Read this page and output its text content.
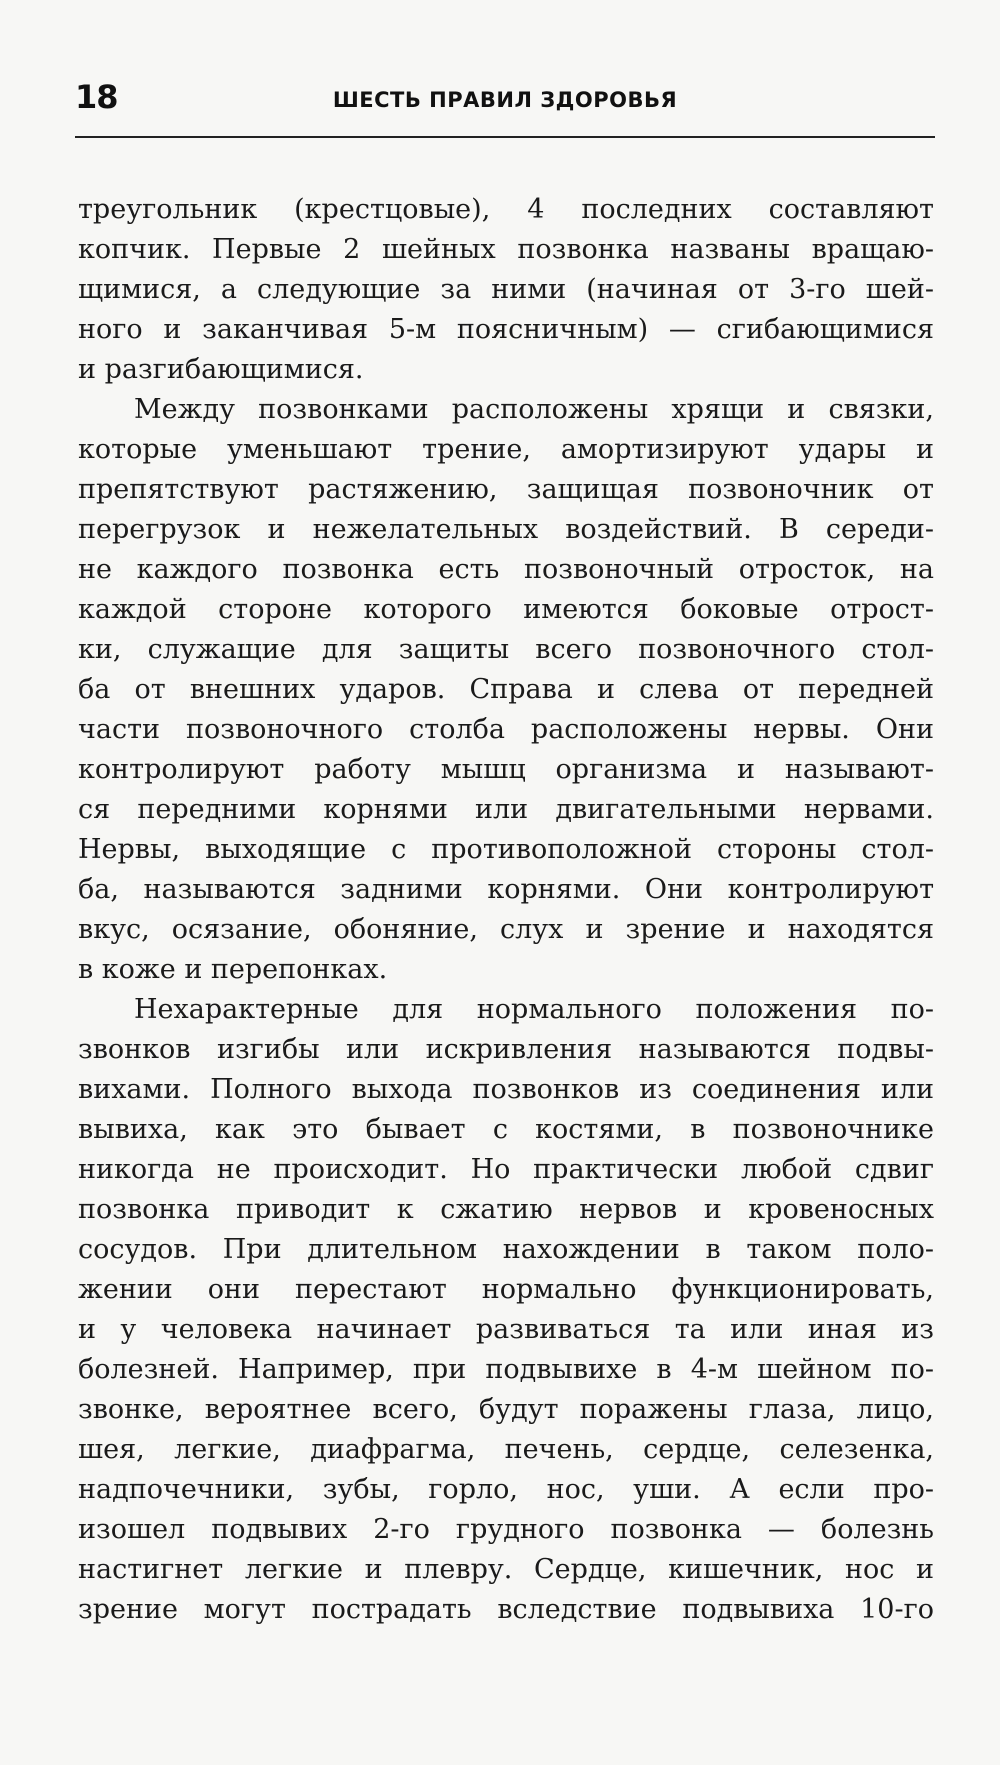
18	ШЕСТЬ ПРАВИЛ ЗДОРОВЬЯ
треугольник (крестцовые), 4 последних составляют
копчик. Первые 2 шейных позвонка названы вращаю-
щимися, а следующие за ними (начиная от 3-го шей-
ного и заканчивая 5-м поясничным) — сгибающимися
и разгибающимися.
Между позвонками расположены хрящи и связки,
которые уменьшают трение, амортизируют удары и
препятствуют растяжению, защищая позвоночник от
перегрузок и нежелательных воздействий. В середи-
не каждого позвонка есть позвоночный отросток, на
каждой стороне которого имеются боковые отрост-
ки, служащие для защиты всего позвоночного стол-
ба от внешних ударов. Справа и слева от передней
части позвоночного столба расположены нервы. Они
контролируют работу мышц организма и называют-
ся передними корнями или двигательными нервами.
Нервы, выходящие с противоположной стороны стол-
ба, называются задними корнями. Они контролируют
вкус, осязание, обоняние, слух и зрение и находятся
в коже и перепонках.
Нехарактерные для нормального положения по-
звонков изгибы или искривления называются подвы-
вихами. Полного выхода позвонков из соединения или
вывиха, как это бывает с костями, в позвоночнике
никогда не происходит. Но практически любой сдвиг
позвонка приводит к сжатию нервов и кровеносных
сосудов. При длительном нахождении в таком поло-
жении они перестают нормально функционировать,
и у человека начинает развиваться та или иная из
болезней. Например, при подвывихе в 4-м шейном по-
звонке, вероятнее всего, будут поражены глаза, лицо,
шея, легкие, диафрагма, печень, сердце, селезенка,
надпочечники, зубы, горло, нос, уши. А если про-
изошел подвывих 2-го грудного позвонка — болезнь
настигнет легкие и плевру. Сердце, кишечник, нос и
зрение могут пострадать вследствие подвывиха 10-го
